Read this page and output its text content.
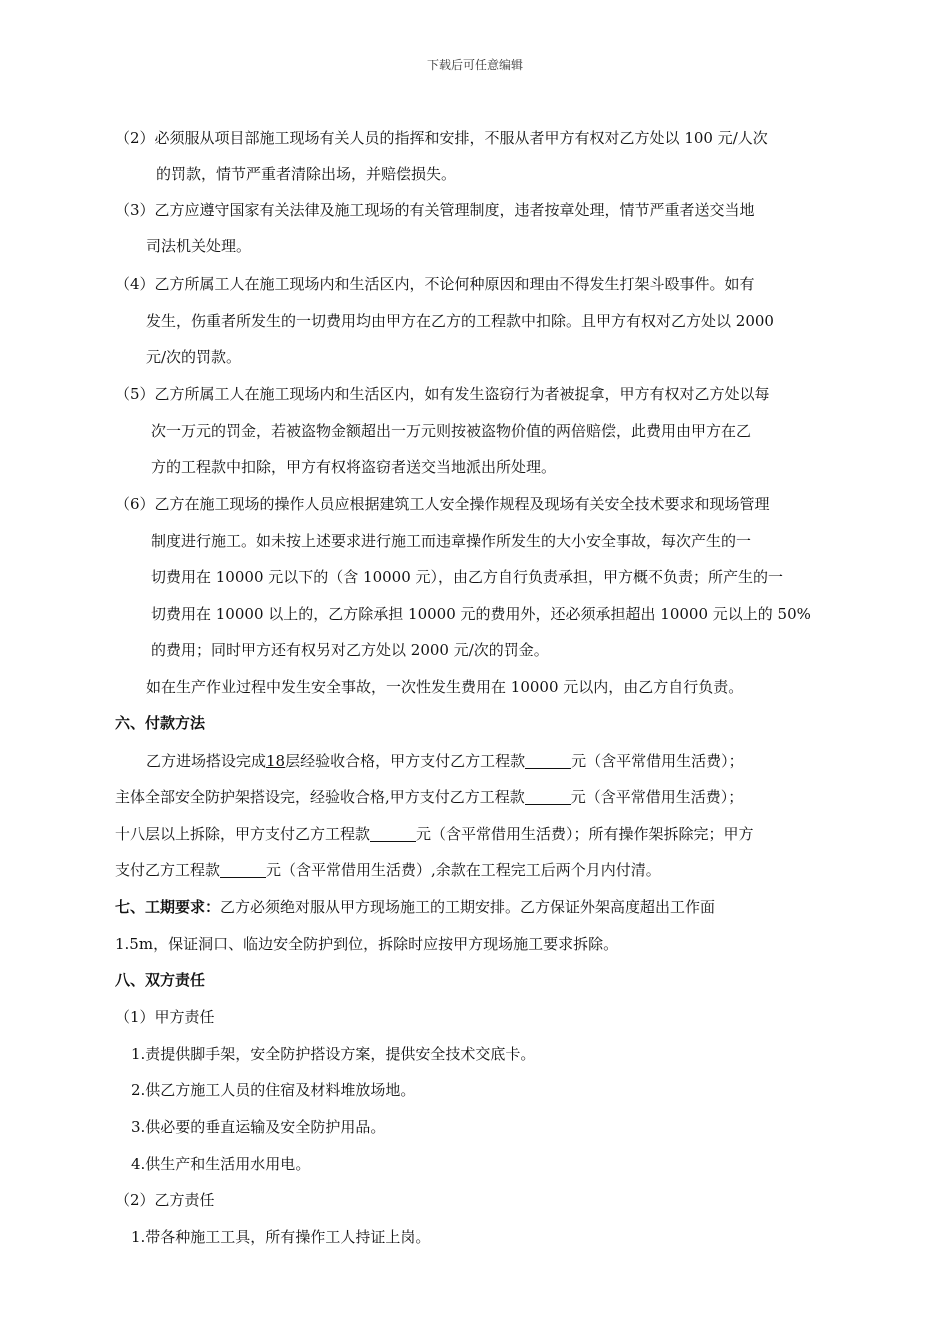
下载后可任意编辑
（2）必须服从项目部施工现场有关人员的指挥和安排，不服从者甲方有权对乙方处以 100 元/人次
的罚款，情节严重者清除出场，并赔偿损失。
（3）乙方应遵守国家有关法律及施工现场的有关管理制度，违者按章处理，情节严重者送交当地
司法机关处理。
（4）乙方所属工人在施工现场内和生活区内，不论何种原因和理由不得发生打架斗殴事件。如有
发生，伤重者所发生的一切费用均由甲方在乙方的工程款中扣除。且甲方有权对乙方处以 2000
元/次的罚款。
（5）乙方所属工人在施工现场内和生活区内，如有发生盗窃行为者被捉拿，甲方有权对乙方处以每
次一万元的罚金，若被盗物金额超出一万元则按被盗物价值的两倍赔偿，此费用由甲方在乙
方的工程款中扣除，甲方有权将盗窃者送交当地派出所处理。
（6）乙方在施工现场的操作人员应根据建筑工人安全操作规程及现场有关安全技术要求和现场管理
制度进行施工。如未按上述要求进行施工而违章操作所发生的大小安全事故，每次产生的一
切费用在 10000 元以下的（含 10000 元），由乙方自行负责承担，甲方概不负责；所产生的一
切费用在 10000 以上的，乙方除承担 10000 元的费用外，还必须承担超出 10000 元以上的 50%
的费用；同时甲方还有权另对乙方处以 2000 元/次的罚金。
如在生产作业过程中发生安全事故，一次性发生费用在 10000 元以内，由乙方自行负责。
六、付款方法
乙方进场搭设完成18层经验收合格，甲方支付乙方工程款	元（含平常借用生活费）；
主体全部安全防护架搭设完，经验收合格,甲方支付乙方工程款	元（含平常借用生活费）；
十八层以上拆除，甲方支付乙方工程款	元（含平常借用生活费）；所有操作架拆除完；甲方
支付乙方工程款	元（含平常借用生活费）,余款在工程完工后两个月内付清。
七、工期要求：乙方必须绝对服从甲方现场施工的工期安排。乙方保证外架高度超出工作面
1.5m，保证洞口、临边安全防护到位，拆除时应按甲方现场施工要求拆除。
八、双方责任
（1）甲方责任
1.责提供脚手架，安全防护搭设方案，提供安全技术交底卡。
2.供乙方施工人员的住宿及材料堆放场地。
3.供必要的垂直运输及安全防护用品。
4.供生产和生活用水用电。
（2）乙方责任
1.带各种施工工具，所有操作工人持证上岗。
